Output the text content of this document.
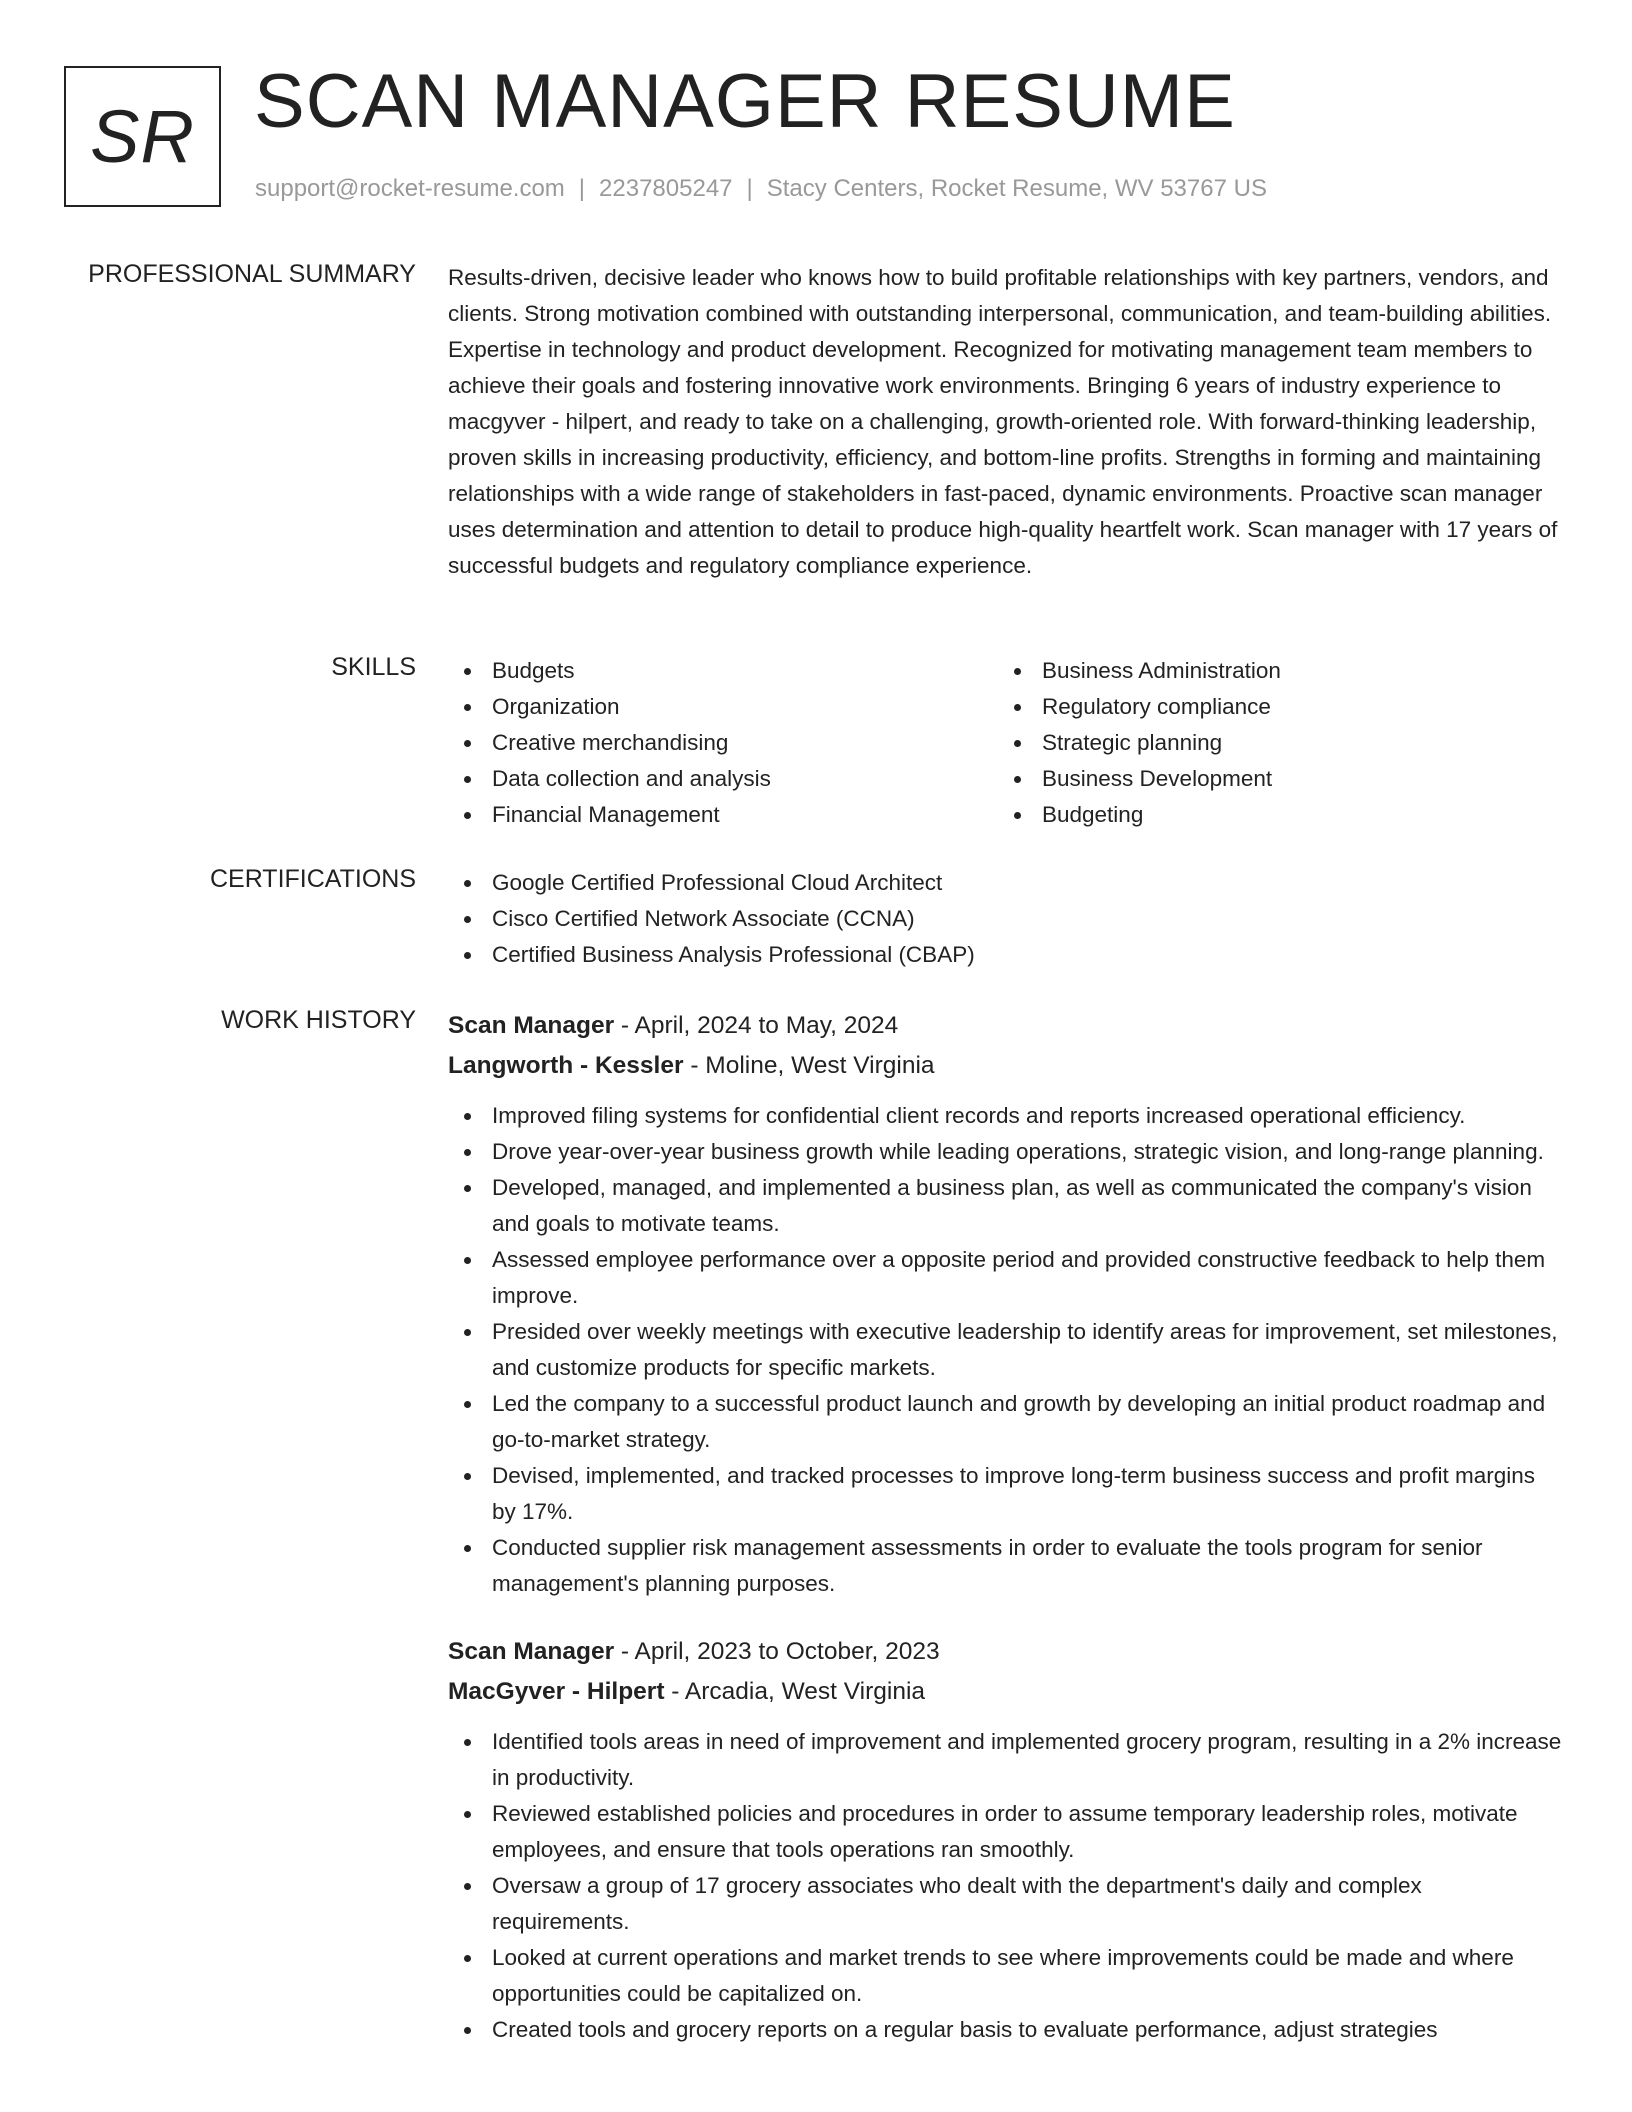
SR SCAN MANAGER RESUME
support@rocket-resume.com | 2237805247 | Stacy Centers, Rocket Resume, WV 53767 US
PROFESSIONAL SUMMARY Results-driven, decisive leader who knows how to build profitable relationships with key partners, vendors, and clients. Strong motivation combined with outstanding interpersonal, communication, and team-building abilities. Expertise in technology and product development. Recognized for motivating management team members to achieve their goals and fostering innovative work environments. Bringing 6 years of industry experience to macgyver - hilpert, and ready to take on a challenging, growth-oriented role. With forward-thinking leadership, proven skills in increasing productivity, efficiency, and bottom-line profits. Strengths in forming and maintaining relationships with a wide range of stakeholders in fast-paced, dynamic environments. Proactive scan manager uses determination and attention to detail to produce high-quality heartfelt work. Scan manager with 17 years of successful budgets and regulatory compliance experience.

SKILLS	Budgets
Organization
Creative merchandising
Data collection and analysis
Financial Management
Business Administration
Regulatory compliance
Strategic planning
Business Development
Budgeting
CERTIFICATIONS	Google Certified Professional Cloud Architect
Cisco Certified Network Associate (CCNA)
Certified Business Analysis Professional (CBAP)
WORK HISTORY Scan Manager - April, 2024 to May, 2024
Langworth - Kessler - Moline, West Virginia
Improved filing systems for confidential client records and reports increased operational efficiency.
Drove year-over-year business growth while leading operations, strategic vision, and long-range planning.
Developed, managed, and implemented a business plan, as well as communicated the company's vision and goals to motivate teams.
Assessed employee performance over a opposite period and provided constructive feedback to help them improve.
Presided over weekly meetings with executive leadership to identify areas for improvement, set milestones, and customize products for specific markets.
Led the company to a successful product launch and growth by developing an initial product roadmap and go-to-market strategy.
Devised, implemented, and tracked processes to improve long-term business success and profit margins by 17%.
Conducted supplier risk management assessments in order to evaluate the tools program for senior management's planning purposes.
Scan Manager - April, 2023 to October, 2023
MacGyver - Hilpert - Arcadia, West Virginia
Identified tools areas in need of improvement and implemented grocery program, resulting in a 2% increase in productivity.
Reviewed established policies and procedures in order to assume temporary leadership roles, motivate employees, and ensure that tools operations ran smoothly.
Oversaw a group of 17 grocery associates who dealt with the department's daily and complex requirements.
Looked at current operations and market trends to see where improvements could be made and where opportunities could be capitalized on.
Created tools and grocery reports on a regular basis to evaluate performance, adjust strategies
